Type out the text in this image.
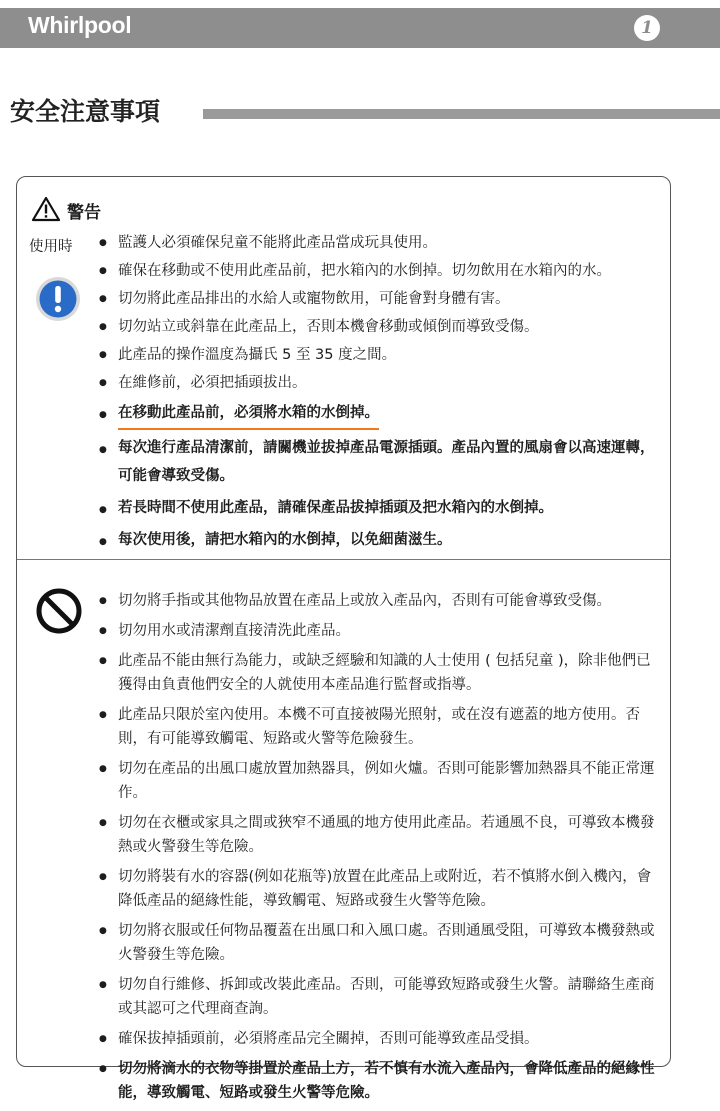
Whirlpool	1
安全注意事項
警告
使用時
●	監護人必須確保兒童不能將此產品當成玩具使用。
● 確保在移動或不使用此產品前，把水箱內的水倒掉。切勿飲用在水箱內的水。
● 切勿將此產品排出的水給人或寵物飲用，可能會對身體有害。
● 切勿站立或斜靠在此產品上，否則本機會移動或傾倒而導致受傷。
● 此產品的操作溫度為攝氏 5 至 35 度之間。
● 在維修前，必須把插頭拔出。
● 在移動此產品前，必須將水箱的水倒掉。
● 每次進行產品清潔前，請關機並拔掉產品電源插頭。產品內置的風扇會以高速運轉，可能會導致受傷。
● 若長時間不使用此產品，請確保產品拔掉插頭及把水箱內的水倒掉。
● 每次使用後，請把水箱內的水倒掉，以免細菌滋生。
● 切勿將手指或其他物品放置在產品上或放入產品內，否則有可能會導致受傷。
● 切勿用水或清潔劑直接清洗此產品。
● 此產品不能由無行為能力，或缺乏經驗和知識的人士使用 ( 包括兒童 )，除非他們已獲得由負責他們安全的人就使用本產品進行監督或指導。
● 此產品只限於室內使用。本機不可直接被陽光照射，或在沒有遮蓋的地方使用。否則，有可能導致觸電、短路或火警等危險發生。
● 切勿在產品的出風口處放置加熱器具，例如火爐。否則可能影響加熱器具不能正常運作。
● 切勿在衣櫃或家具之間或狹窄不通風的地方使用此產品。若通風不良，可導致本機發熱或火警發生等危險。
● 切勿將裝有水的容器(例如花瓶等)放置在此產品上或附近，若不慎將水倒入機內，會降低產品的絕緣性能，導致觸電、短路或發生火警等危險。
● 切勿將衣服或任何物品覆蓋在出風口和入風口處。否則通風受阻，可導致本機發熱或火警發生等危險。
● 切勿自行維修、拆卸或改裝此產品。否則，可能導致短路或發生火警。請聯絡生產商或其認可之代理商查詢。
● 確保拔掉插頭前，必須將產品完全關掉，否則可能導致產品受損。
● 切勿將滴水的衣物等掛置於產品上方，若不慎有水流入產品內，會降低產品的絕緣性能，導致觸電、短路或發生火警等危險。
